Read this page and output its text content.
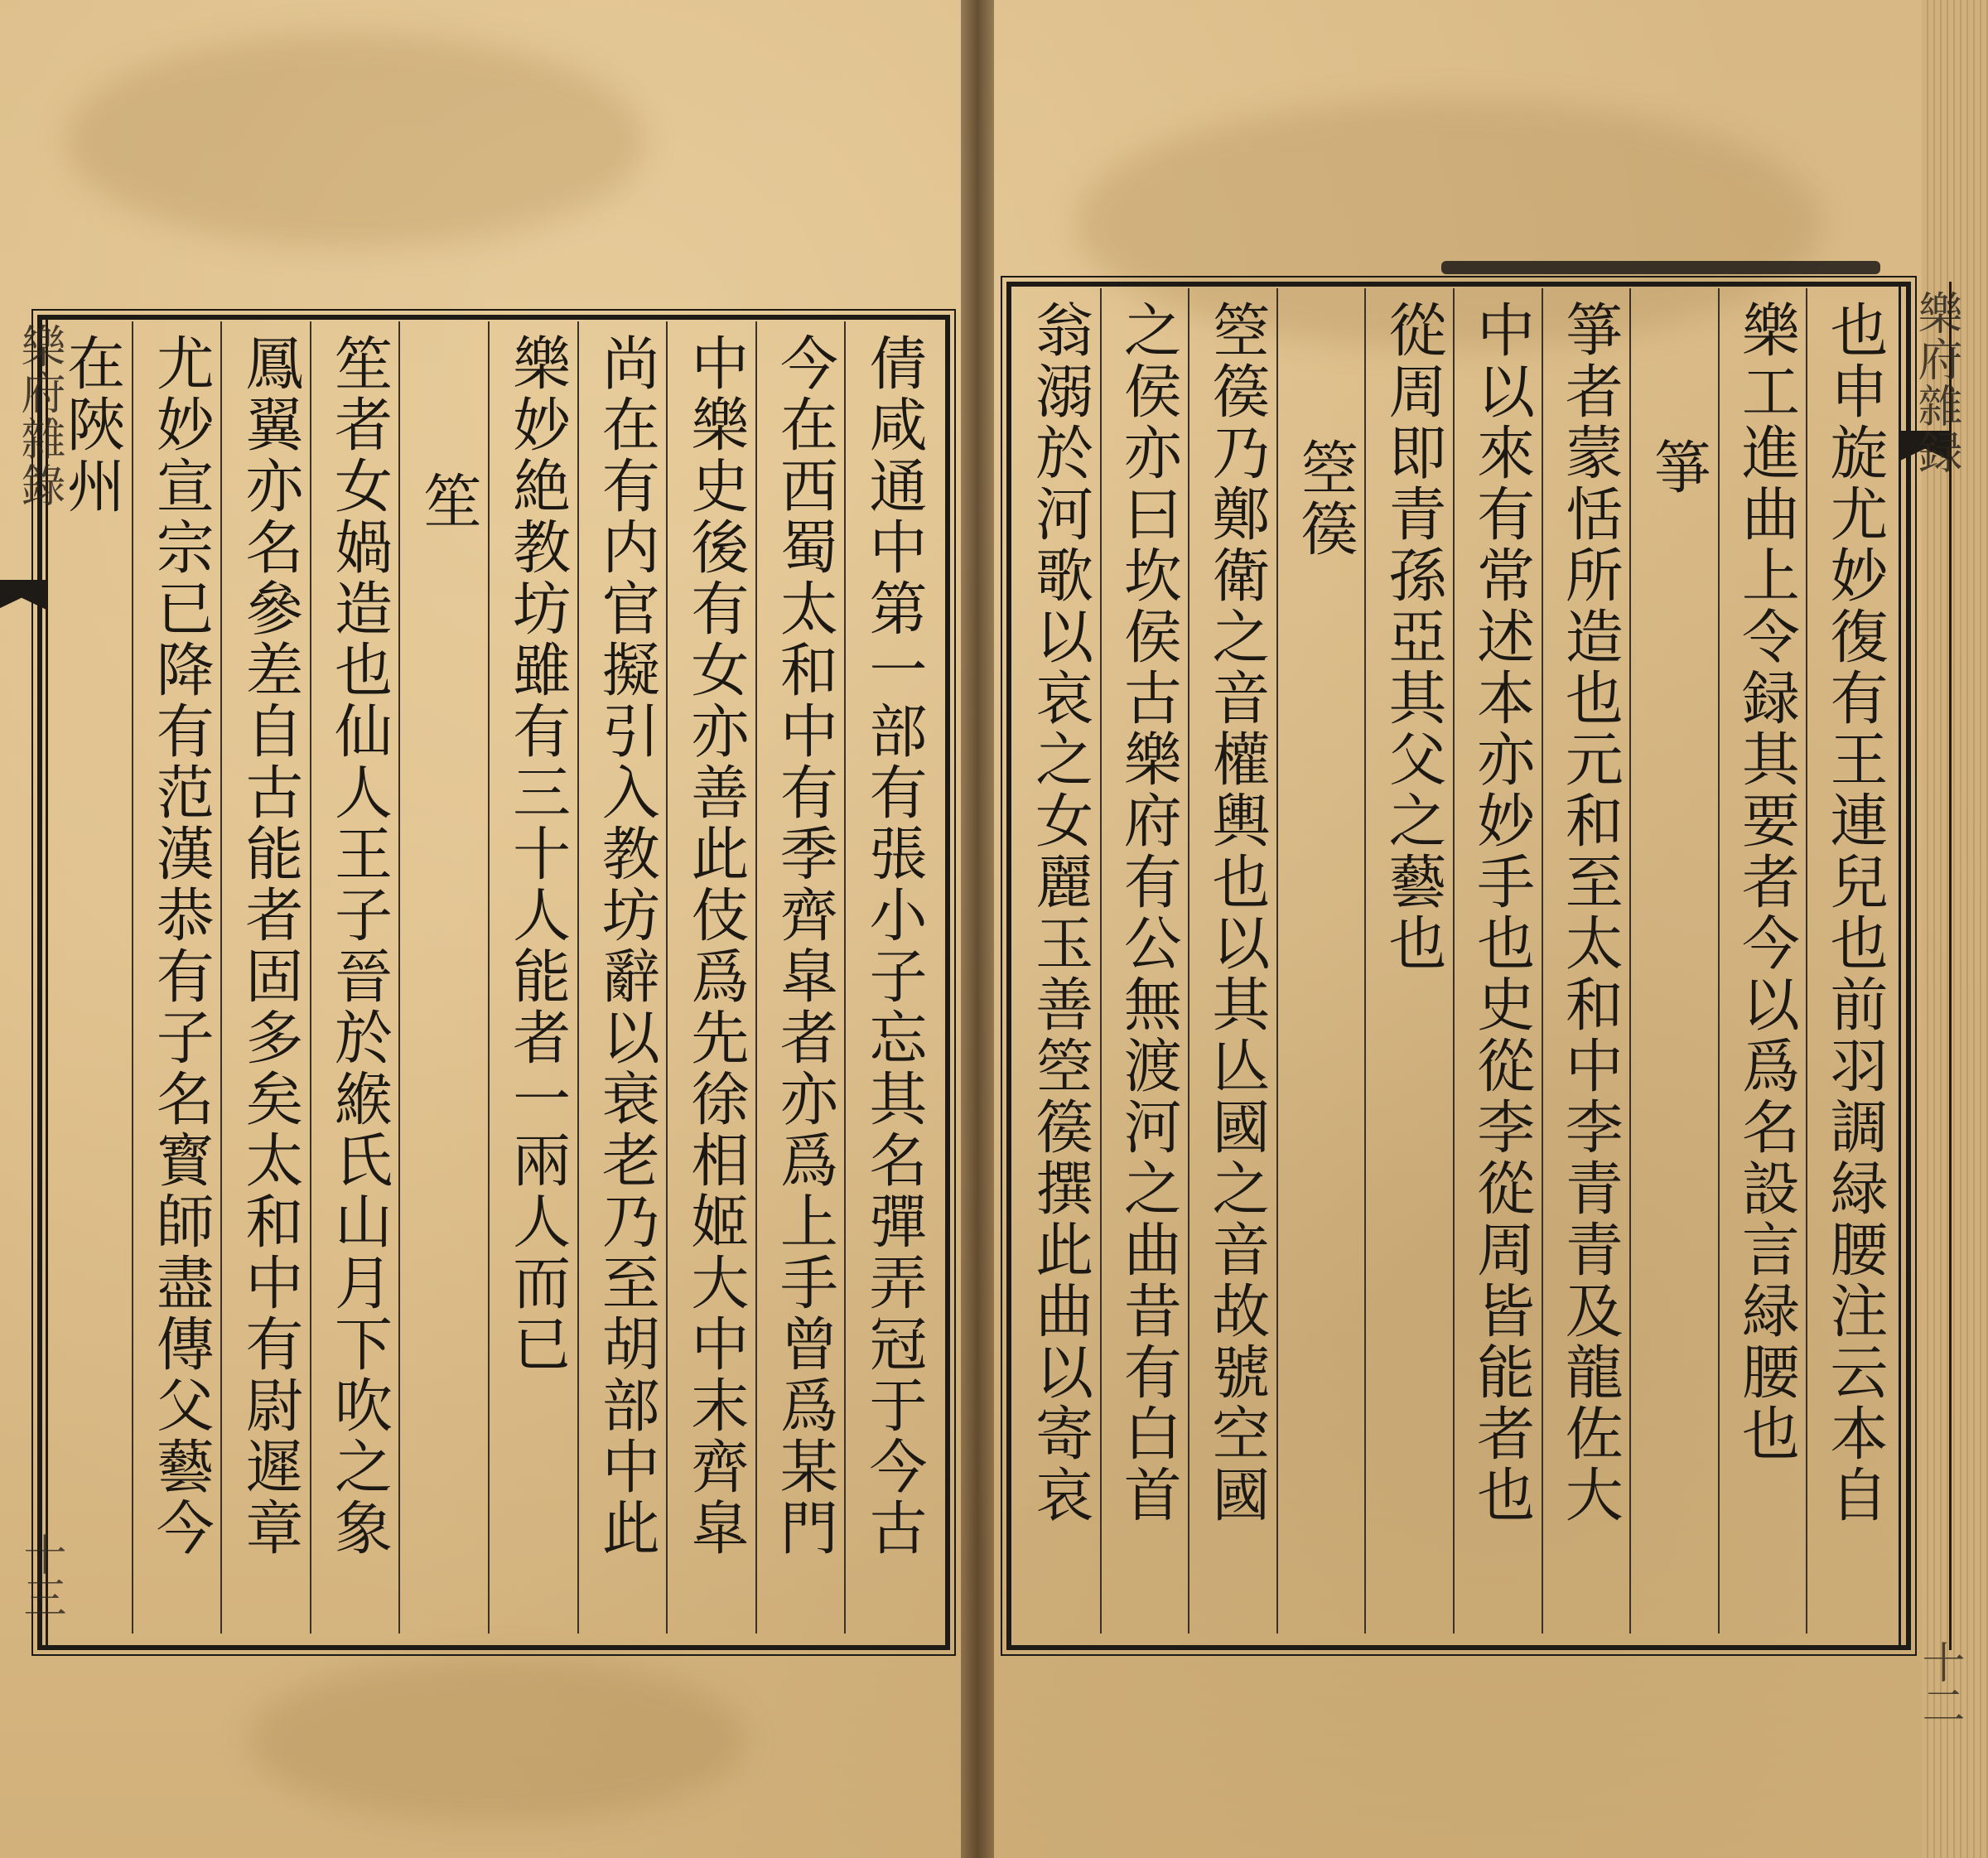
樂府雜錄
十三
倩咸通中第一部有張小子忘其名彈弄冠于今古
今在西蜀太和中有季齊皐者亦爲上手曾爲某門
中樂史後有女亦善此伎爲先徐相姬大中末齊皐
尚在有内官擬引入教坊辭以衰老乃至胡部中此
樂妙絶教坊雖有三十人能者一兩人而已
笙
笙者女媧造也仙人王子晉於緱氏山月下吹之象
鳳翼亦名參差自古能者固多矣太和中有尉遲章
尤妙宣宗已降有范漢恭有子名寳師盡傳父藝今
在陜州	樂府雜録
十二
也申旋尤妙復有王連兒也前羽調緑腰注云本自
樂工進曲上令録其要者今以爲名設言緑腰也
箏
箏者蒙恬所造也元和至太和中李青青及龍佐大
中以來有常述本亦妙手也史從李從周皆能者也
從周即青孫亞其父之藝也
箜篌
箜篌乃鄭衛之音權輿也以其亾國之音故號空國
之侯亦曰坎侯古樂府有公無渡河之曲昔有白首
翁溺於河歌以哀之女麗玉善箜篌撰此曲以寄哀
